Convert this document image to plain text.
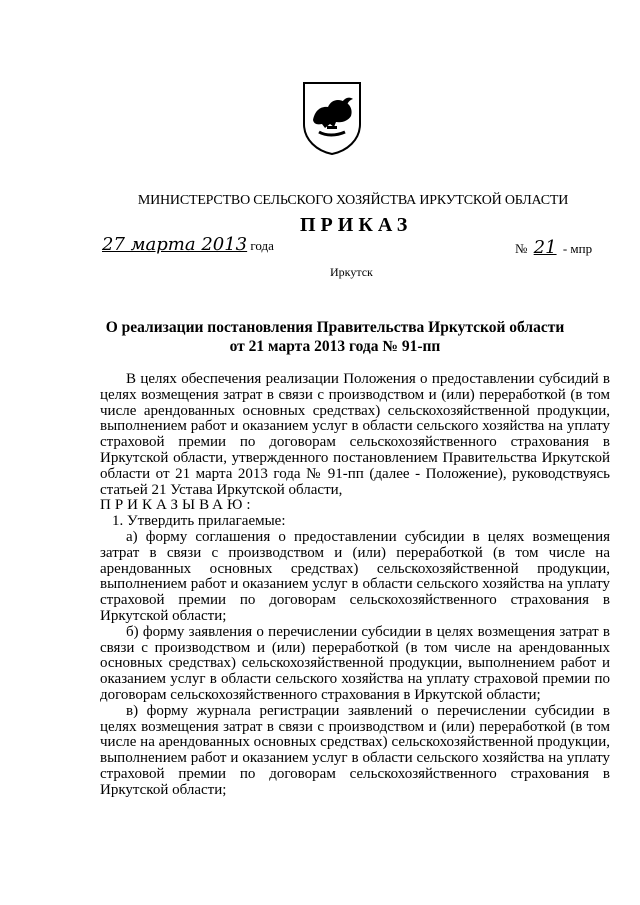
МИНИСТЕРСТВО СЕЛЬСКОГО ХОЗЯЙСТВА ИРКУТСКОЙ ОБЛАСТИ
ПРИКАЗ
27 марта 2013 года	№ 21 - мпр
Иркутск
О реализации постановления Правительства Иркутской области от 21 марта 2013 года № 91-пп

В целях обеспечения реализации Положения о предоставлении субсидий в целях возмещения затрат в связи с производством и (или) переработкой (в том числе арендованных основных средствах) сельскохозяйственной продукции, выполнением работ и оказанием услуг в области сельского хозяйства на уплату страховой премии по договорам сельскохозяйственного страхования в Иркутской области, утвержденного постановлением Правительства Иркутской области от 21 марта 2013 года № 91-пп (далее - Положение), руководствуясь статьей 21 Устава Иркутской области,

ПРИКАЗЫВАЮ:

1. Утвердить прилагаемые:

а) форму соглашения о предоставлении субсидии в целях возмещения затрат в связи с производством и (или) переработкой (в том числе на арендованных основных средствах) сельскохозяйственной продукции, выполнением работ и оказанием услуг в области сельского хозяйства на уплату страховой премии по договорам сельскохозяйственного страхования в Иркутской области;

б) форму заявления о перечислении субсидии в целях возмещения затрат в связи с производством и (или) переработкой (в том числе на арендованных основных средствах) сельскохозяйственной продукции, выполнением работ и оказанием услуг в области сельского хозяйства на уплату страховой премии по договорам сельскохозяйственного страхования в Иркутской области;

в) форму журнала регистрации заявлений о перечислении субсидии в целях возмещения затрат в связи с производством и (или) переработкой (в том числе на арендованных основных средствах) сельскохозяйственной продукции, выполнением работ и оказанием услуг в области сельского хозяйства на уплату страховой премии по договорам сельскохозяйственного страхования в Иркутской области;
